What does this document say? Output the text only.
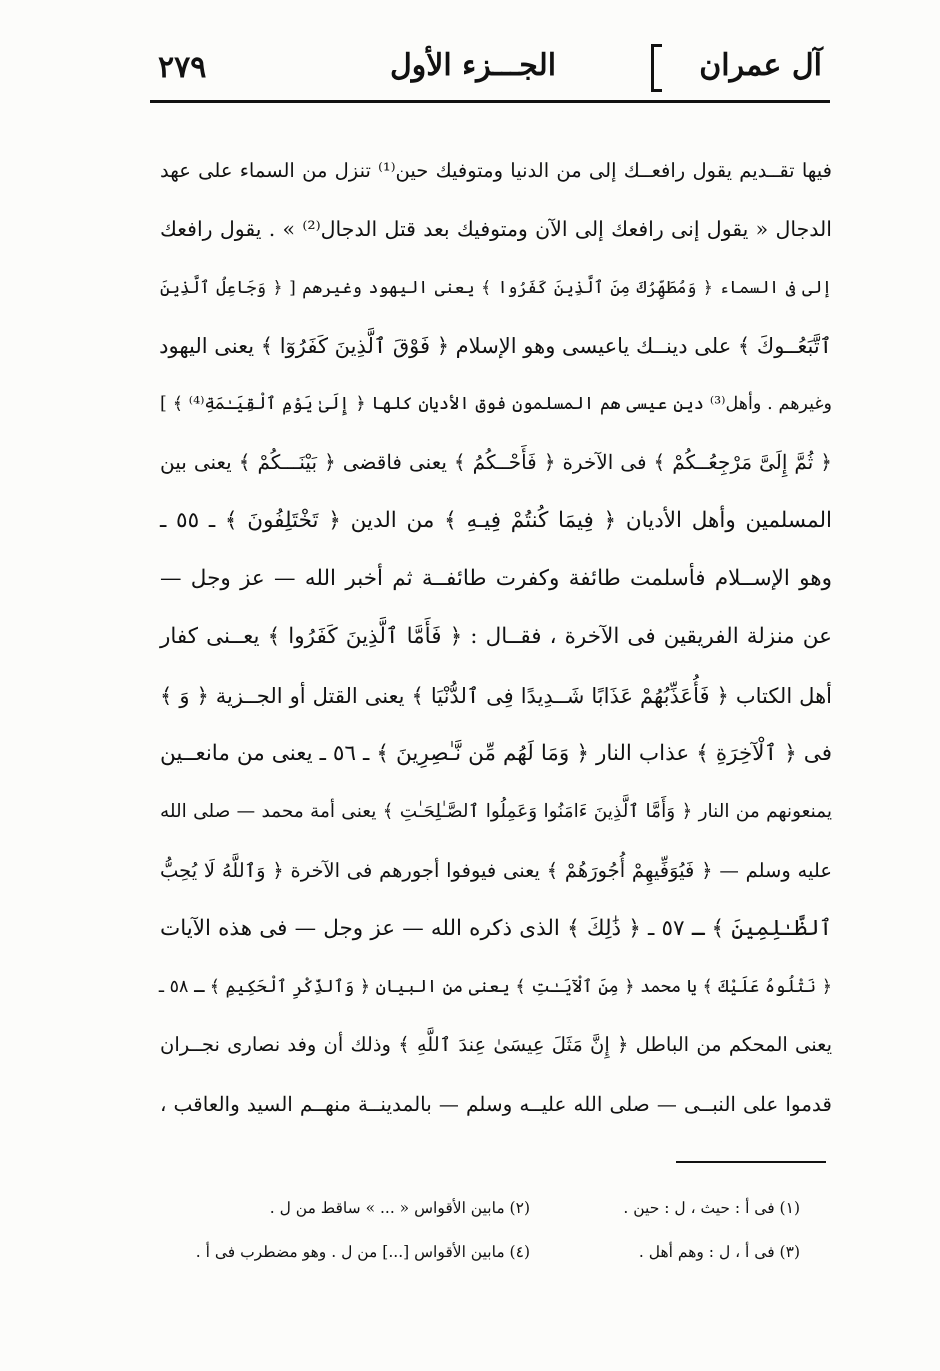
آل عمران
الجـــزء الأول
٢٧٩
فيها تقــديم يقول رافعــك إلى من الدنيا ومتوفيك حين⁽¹⁾ تنزل من السماء على عهد
الدجال « يقول إنى رافعك إلى الآن ومتوفيك بعد قتل الدجال⁽²⁾ » . يقول رافعك
إلى فى السماء ﴿ وَمُطَهِّرُكَ مِنَ ٱلَّذِينَ كَفَرُوا ﴾ يعنى اليهود وغيرهم [ ﴿ وَجَاعِلُ ٱلَّذِينَ
ٱتَّبَعُــوكَ ﴾ على دينــك ياعيسى وهو الإسلام ﴿ فَوْقَ ٱلَّذِينَ كَفَرُوٓا ﴾ يعنى اليهود
وغيرهم . وأهل⁽³⁾ دين عيسى هم المسلمون فوق الأديان كلها ﴿ إِلَىٰ يَوْمِ ٱلْقِيَـٰمَةِ⁽⁴⁾ ﴾ ]
﴿ ثُمَّ إِلَىَّ مَرْجِعُــكُمْ ﴾ فى الآخرة ﴿ فَأَحْــكُمُ ﴾ يعنى فاقضى ﴿ بَيْنَـــكُمْ ﴾ يعنى بين
المسلمين وأهل الأديان ﴿ فِيمَا كُنتُمْ فِيـهِ ﴾ من الدين ﴿ تَخْتَلِفُونَ ﴾ ـ ٥٥ ـ
وهو الإســلام فأسلمت طائفة وكفرت طائفــة ثم أخبر الله — عز وجل —
عن منزلة الفريقين فى الآخرة ، فقــال : ﴿ فَأَمَّا ٱلَّذِينَ كَفَرُوا ﴾ يعــنى كفار
أهل الكتاب ﴿ فَأُعَذِّبُهُمْ عَذَابًا شَــدِيدًا فِى ٱلدُّنْيَا ﴾ يعنى القتل أو الجــزية ﴿ وَ ﴾
فى ﴿ ٱلْآخِرَةِ ﴾ عذاب النار ﴿ وَمَا لَهُم مِّن نَّـٰصِرِينَ ﴾ ـ ٥٦ ـ يعنى من مانعــين
يمنعونهم من النار ﴿ وَأَمَّا ٱلَّذِينَ ءَامَنُوا وَعَمِلُوا ٱلصَّـٰلِحَـٰتِ ﴾ يعنى أمة محمد — صلى الله
عليه وسلم — ﴿ فَيُوَفِّيهِمْ أُجُورَهُمْ ﴾ يعنى فيوفوا أجورهم فى الآخرة ﴿ وَٱللَّهُ لَا يُحِبُّ
ٱلظَّـٰلِمِينَ ﴾ ـ ٥٧ ـ ﴿ ذَٰلِكَ ﴾ الذى ذكره الله — عز وجل — فى هذه الآيات
﴿ نَتْلُوهُ عَلَيْكَ ﴾ يا محمد ﴿ مِنَ ٱلْآيَـٰتِ ﴾ يعنى من البيان ﴿ وَٱلذِّكْرِ ٱلْحَكِيمِ ﴾ ـ ٥٨ ـ
يعنى المحكم من الباطل ﴿ إِنَّ مَثَلَ عِيسَىٰ عِندَ ٱللَّهِ ﴾ وذلك أن وفد نصارى نجــران
قدموا على النبــى — صلى الله عليــه وسلم — بالمدينــة منهــم السيد والعاقب ،
(١) فى أ : حيث ، ل : حين .
(٢) مابين الأقواس « ... » ساقط من ل .
(٣) فى أ ، ل : وهم أهل .
(٤) مابين الأقواس [...] من ل . وهو مضطرب فى أ .
